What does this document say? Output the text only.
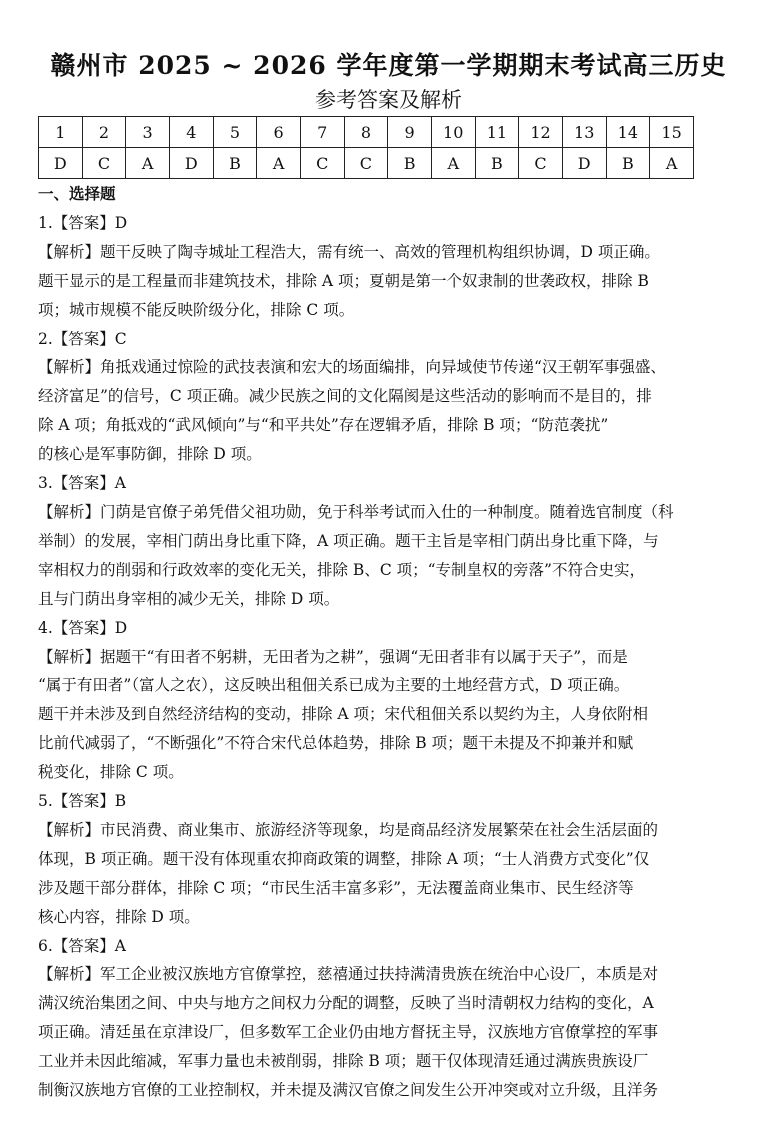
赣州市 2025 ~ 2026 学年度第一学期期末考试高三历史
参考答案及解析
1	2	3	4	5	6	7	8	9	10	11	12	13	14	15
D	C	A	D	B	A	C	C	B	A	B	C	D	B	A

一、选择题

1.【答案】D

【解析】题干反映了陶寺城址工程浩大，需有统一、高效的管理机构组织协调，D 项正确。

题干显示的是工程量而非建筑技术，排除 A 项；夏朝是第一个奴隶制的世袭政权，排除 B

项；城市规模不能反映阶级分化，排除 C 项。

2.【答案】C

【解析】角抵戏通过惊险的武技表演和宏大的场面编排，向异域使节传递“汉王朝军事强盛、

经济富足”的信号，C 项正确。减少民族之间的文化隔阂是这些活动的影响而不是目的，排

除 A 项；角抵戏的“武风倾向”与“和平共处”存在逻辑矛盾，排除 B 项；“防范袭扰”

的核心是军事防御，排除 D 项。

3.【答案】A

【解析】门荫是官僚子弟凭借父祖功勋，免于科举考试而入仕的一种制度。随着选官制度（科

举制）的发展，宰相门荫出身比重下降，A 项正确。题干主旨是宰相门荫出身比重下降，与

宰相权力的削弱和行政效率的变化无关，排除 B、C 项；“专制皇权的旁落”不符合史实，

且与门荫出身宰相的减少无关，排除 D 项。

4.【答案】D

【解析】据题干“有田者不躬耕，无田者为之耕”，强调“无田者非有以属于天子”，而是

“属于有田者”（富人之农），这反映出租佃关系已成为主要的土地经营方式，D 项正确。

题干并未涉及到自然经济结构的变动，排除 A 项；宋代租佃关系以契约为主，人身依附相

比前代减弱了，“不断强化”不符合宋代总体趋势，排除 B 项；题干未提及不抑兼并和赋

税变化，排除 C 项。

5.【答案】B

【解析】市民消费、商业集市、旅游经济等现象，均是商品经济发展繁荣在社会生活层面的

体现，B 项正确。题干没有体现重农抑商政策的调整，排除 A 项；“士人消费方式变化”仅

涉及题干部分群体，排除 C 项；“市民生活丰富多彩”，无法覆盖商业集市、民生经济等

核心内容，排除 D 项。

6.【答案】A

【解析】军工企业被汉族地方官僚掌控，慈禧通过扶持满清贵族在统治中心设厂，本质是对

满汉统治集团之间、中央与地方之间权力分配的调整，反映了当时清朝权力结构的变化，A

项正确。清廷虽在京津设厂，但多数军工企业仍由地方督抚主导，汉族地方官僚掌控的军事

工业并未因此缩减，军事力量也未被削弱，排除 B 项；题干仅体现清廷通过满族贵族设厂

制衡汉族地方官僚的工业控制权，并未提及满汉官僚之间发生公开冲突或对立升级，且洋务
